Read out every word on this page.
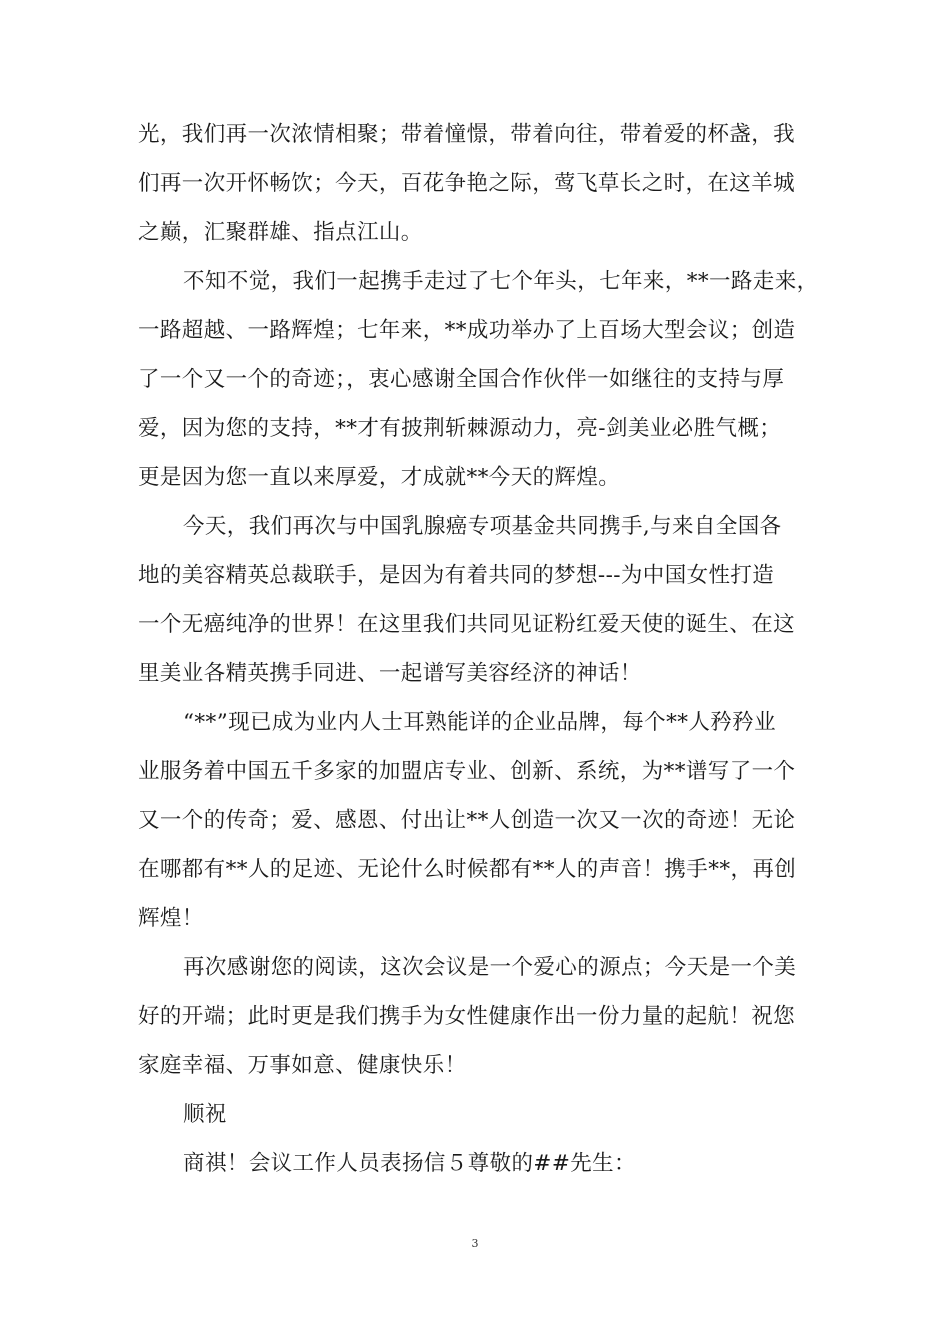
光，我们再一次浓情相聚；带着憧憬，带着向往，带着爱的杯盏，我
们再一次开怀畅饮；今天，百花争艳之际，莺飞草长之时，在这羊城
之巅，汇聚群雄、指点江山。

不知不觉，我们一起携手走过了七个年头，七年来，**一路走来，
一路超越、一路辉煌；七年来，**成功举办了上百场大型会议；创造
了一个又一个的奇迹；，衷心感谢全国合作伙伴一如继往的支持与厚
爱，因为您的支持，**才有披荆斩棘源动力，亮-剑美业必胜气概；
更是因为您一直以来厚爱，才成就**今天的辉煌。

今天，我们再次与中国乳腺癌专项基金共同携手,与来自全国各
地的美容精英总裁联手，是因为有着共同的梦想---为中国女性打造
一个无癌纯净的世界！在这里我们共同见证粉红爱天使的诞生、在这
里美业各精英携手同进、一起谱写美容经济的神话！

“**”现已成为业内人士耳熟能详的企业品牌，每个**人矜矜业
业服务着中国五千多家的加盟店专业、创新、系统，为**谱写了一个
又一个的传奇；爱、感恩、付出让**人创造一次又一次的奇迹！无论
在哪都有**人的足迹、无论什么时候都有**人的声音！携手**，再创
辉煌！

再次感谢您的阅读，这次会议是一个爱心的源点；今天是一个美
好的开端；此时更是我们携手为女性健康作出一份力量的起航！祝您
家庭幸福、万事如意、健康快乐！

顺祝

商祺！会议工作人员表扬信５尊敬的##先生：

3
